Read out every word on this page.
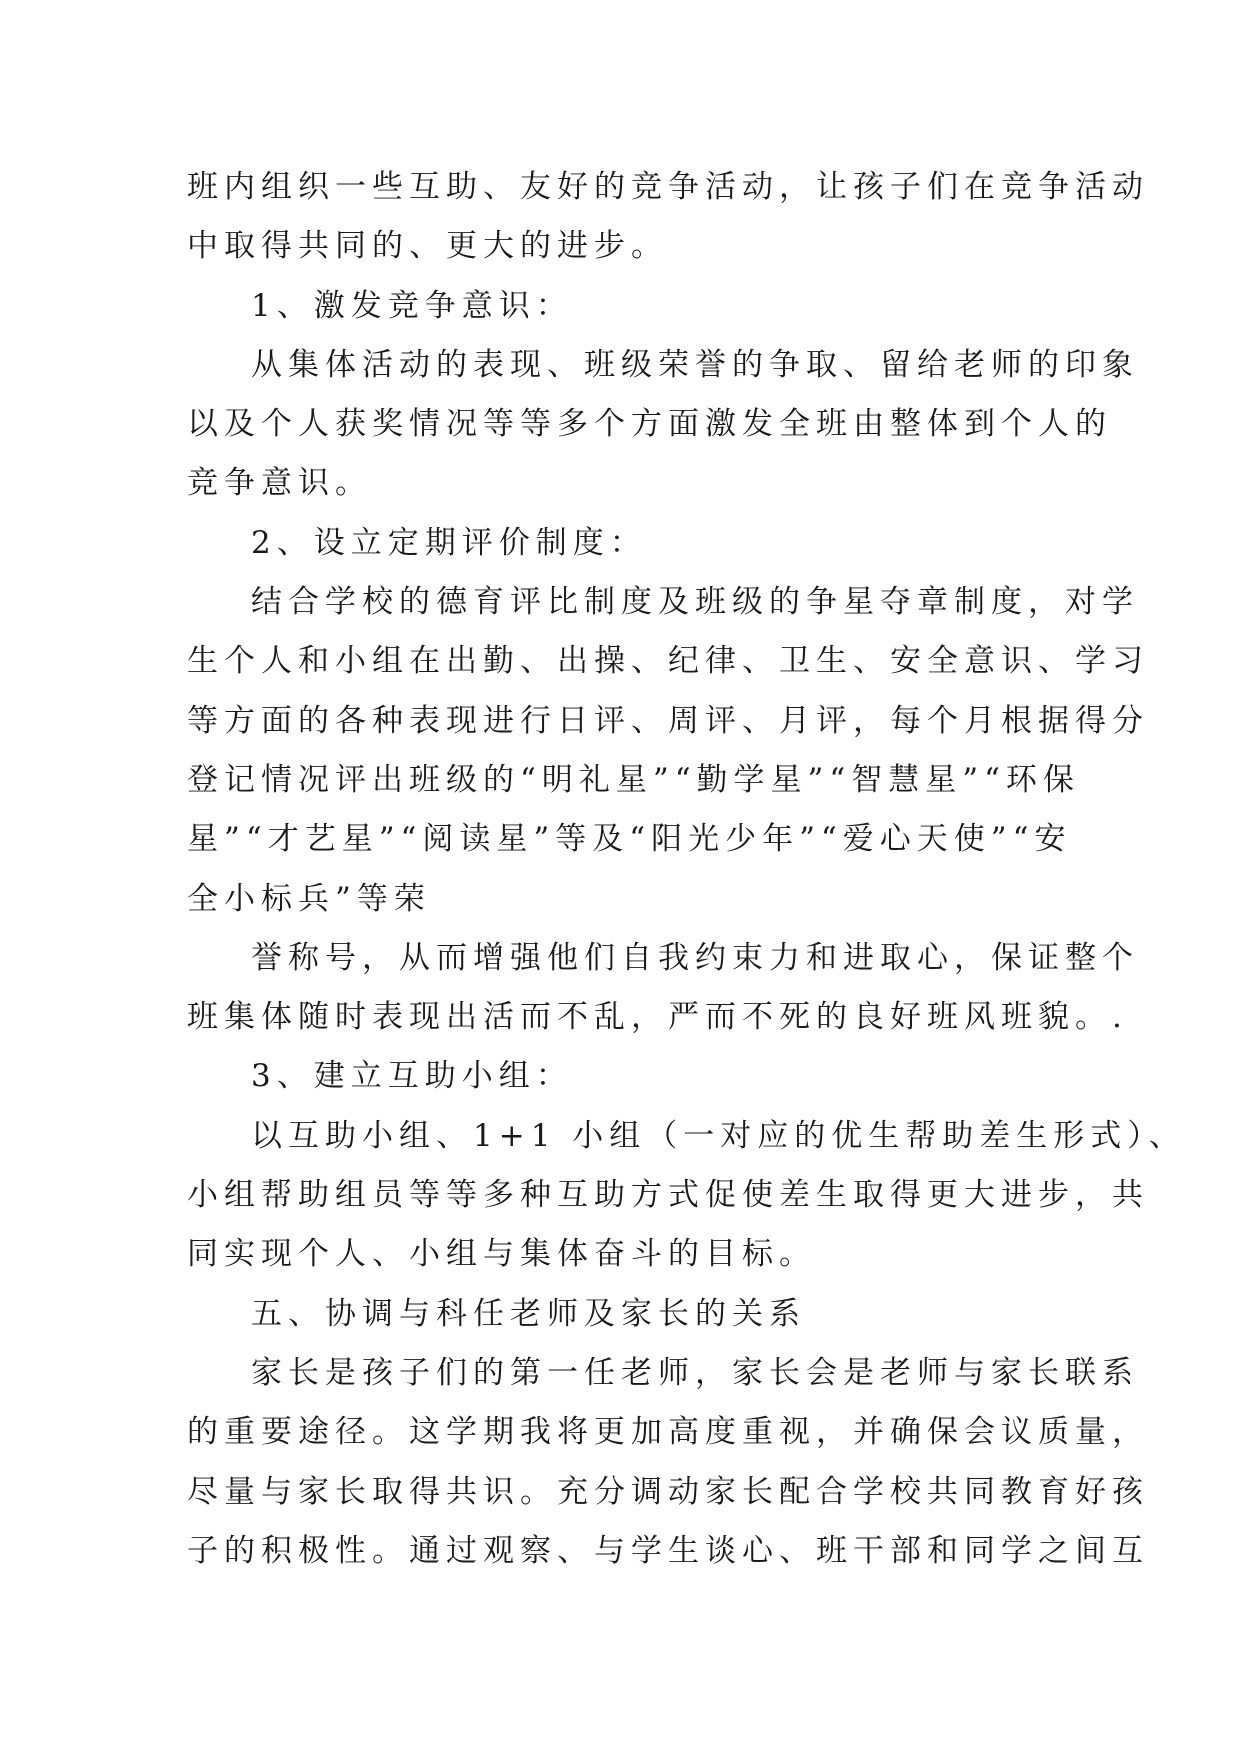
班内组织一些互助、友好的竞争活动，让孩子们在竞争活动
中取得共同的、更大的进步。
1、激发竞争意识：
从集体活动的表现、班级荣誉的争取、留给老师的印象
以及个人获奖情况等等多个方面激发全班由整体到个人的
竞争意识。
2、设立定期评价制度：
结合学校的德育评比制度及班级的争星夺章制度，对学
生个人和小组在出勤、出操、纪律、卫生、安全意识、学习
等方面的各种表现进行日评、周评、月评，每个月根据得分
登记情况评出班级的“明礼星”“勤学星”“智慧星”“环保
星”“才艺星”“阅读星”等及“阳光少年”“爱心天使”“安
全小标兵”等荣
誉称号，从而增强他们自我约束力和进取心，保证整个
班集体随时表现出活而不乱，严而不死的良好班风班貌。.
3、建立互助小组：
以互助小组、1+1 小组（一对应的优生帮助差生形式）、
小组帮助组员等等多种互助方式促使差生取得更大进步，共
同实现个人、小组与集体奋斗的目标。
五、协调与科任老师及家长的关系
家长是孩子们的第一任老师，家长会是老师与家长联系
的重要途径。这学期我将更加高度重视，并确保会议质量，
尽量与家长取得共识。充分调动家长配合学校共同教育好孩
子的积极性。通过观察、与学生谈心、班干部和同学之间互
